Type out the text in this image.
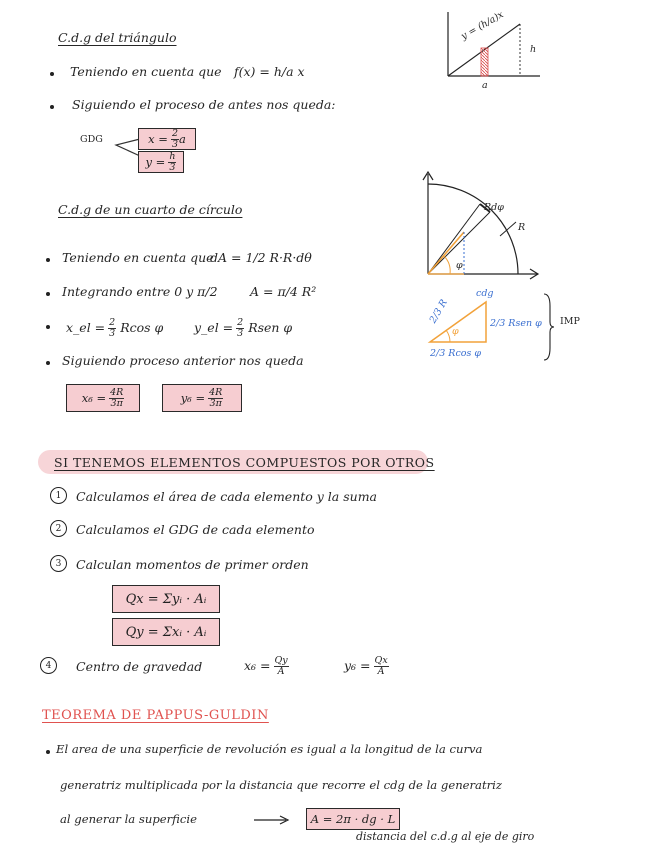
C.d.g del triángulo
Teniendo en cuenta que f(x) = h/a x
Siguiendo el proceso de antes nos queda:
GDG	$x = \frac{2}{3}$ a
$y = \frac{h}{3}$
y = (h/a)x
h
a
C.d.g de un cuarto de círculo
Teniendo en cuenta que
dA = 1/2 R·R·dθ
Integrando entre 0 y π/2	A = π/4 R²
x_el = $\frac{2}{3}$ Rcos φ y_el = $\frac{2}{3}$ Rsen φ
Siguiendo proceso anterior nos queda
$x_6 = \frac{4R}{3\pi}$	$y_6 = \frac{4R}{3\pi}$
Rdφ
R
φ
cdg
2/3 R	2/3 Rsen φ
2/3 Rcos φ
φ
IMP
SI TENEMOS ELEMENTOS COMPUESTOS POR OTROS
1	Calculamos el área de cada elemento y la suma
2	Calculamos el GDG de cada elemento
3	Calculan momentos de primer orden
Qx = Σyᵢ · Aᵢ
Qy = Σxᵢ · Aᵢ
4	Centro de gravedad	$x_6 = \frac{Qy}{A}$	$y_6 = \frac{Qx}{A}$
TEOREMA DE PAPPUS-GULDIN
El area de una superficie de revolución es igual a la longitud de la curva
generatriz multiplicada por la distancia que recorre el cdg de la generatriz
al generar la superficie	A = 2π · dg · L
distancia del c.d.g al eje de giro
